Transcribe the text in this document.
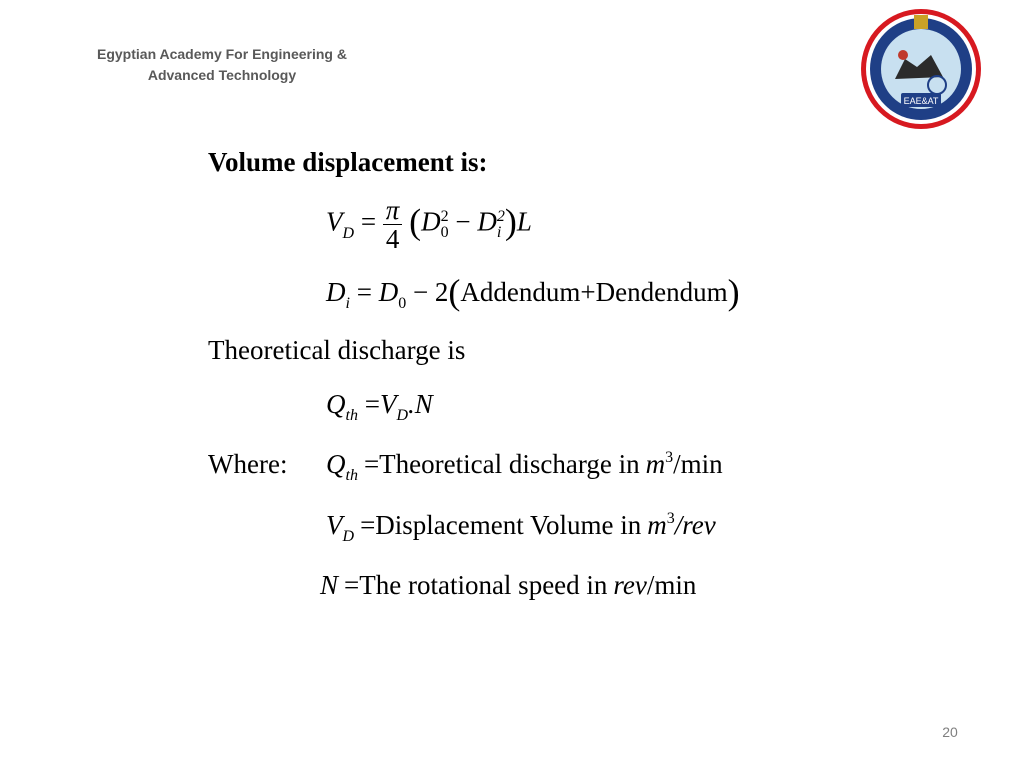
Egyptian Academy For Engineering &
Advanced Technology
EAE&AT
Volume displacement is:
$V_D = \frac{\pi}{4} (D$ 2
0 − D 2
i )L
$D_i = D_0$ − 2(Addendum+Dendendum)
Theoretical discharge is
$Q_{th} =V_D.N$
Where: $Q_{th}$ =Theoretical discharge in $m^3/\min$
$V_D$ =Displacement Volume in $m^3$/rev
N =The rotational speed in rev/min
20
